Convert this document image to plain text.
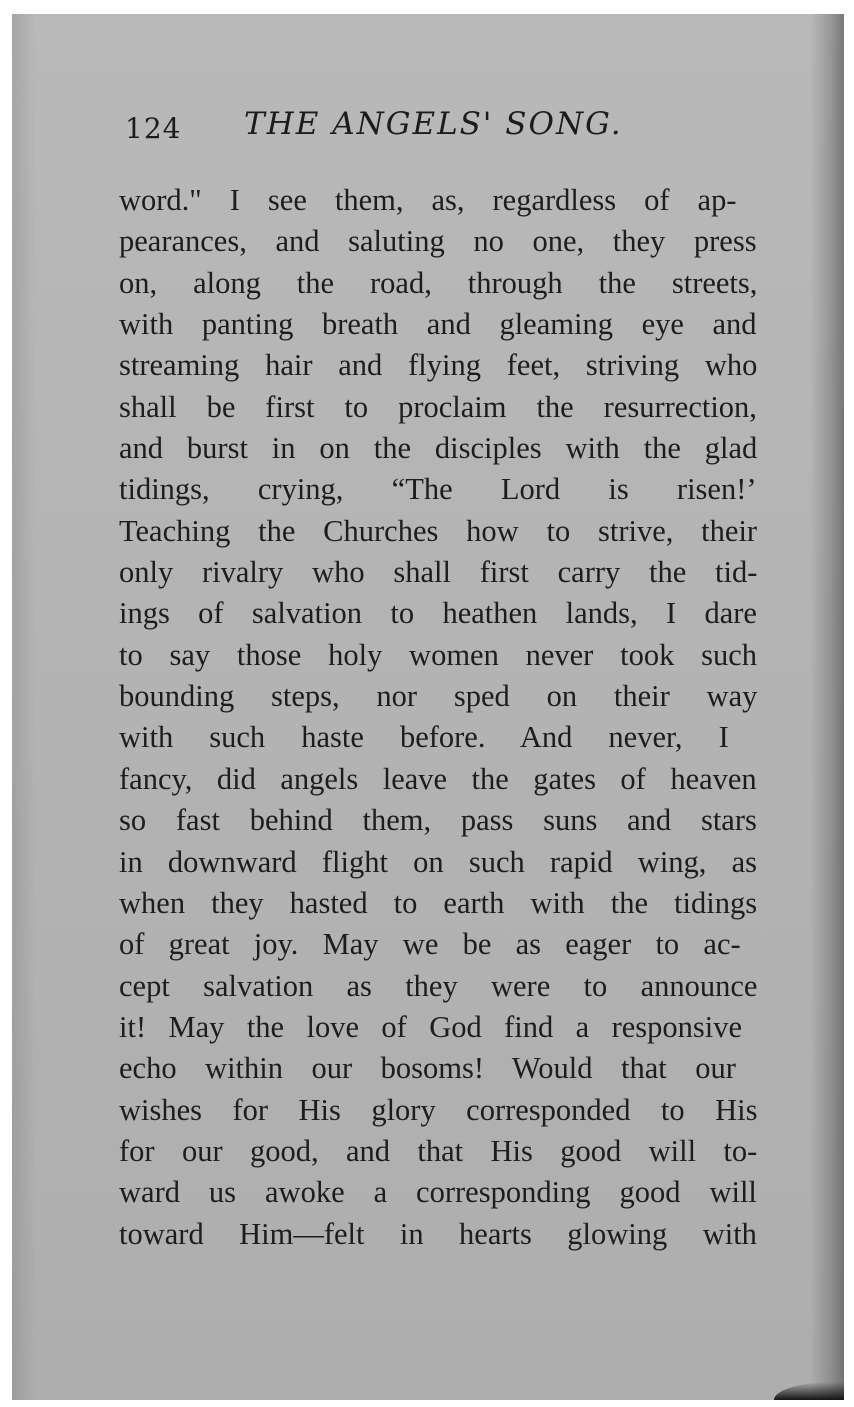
124 THE ANGELS' SONG.
word." I see them, as, regardless of ap-
pearances, and saluting no one, they press
on, along the road, through the streets,
with panting breath and gleaming eye and
streaming hair and flying feet, striving who
shall be first to proclaim the resurrection,
and burst in on the disciples with the glad
tidings, crying, “The Lord is risen!’
Teaching the Churches how to strive, their
only rivalry who shall first carry the tid-
ings of salvation to heathen lands, I dare
to say those holy women never took such
bounding steps, nor sped on their way
with such haste before. And never, I
fancy, did angels leave the gates of heaven
so fast behind them, pass suns and stars
in downward flight on such rapid wing, as
when they hasted to earth with the tidings
of great joy. May we be as eager to ac-
cept salvation as they were to announce
it! May the love of God find a responsive
echo within our bosoms! Would that our
wishes for His glory corresponded to His
for our good, and that His good will to-
ward us awoke a corresponding good will
toward Him—felt in hearts glowing with
